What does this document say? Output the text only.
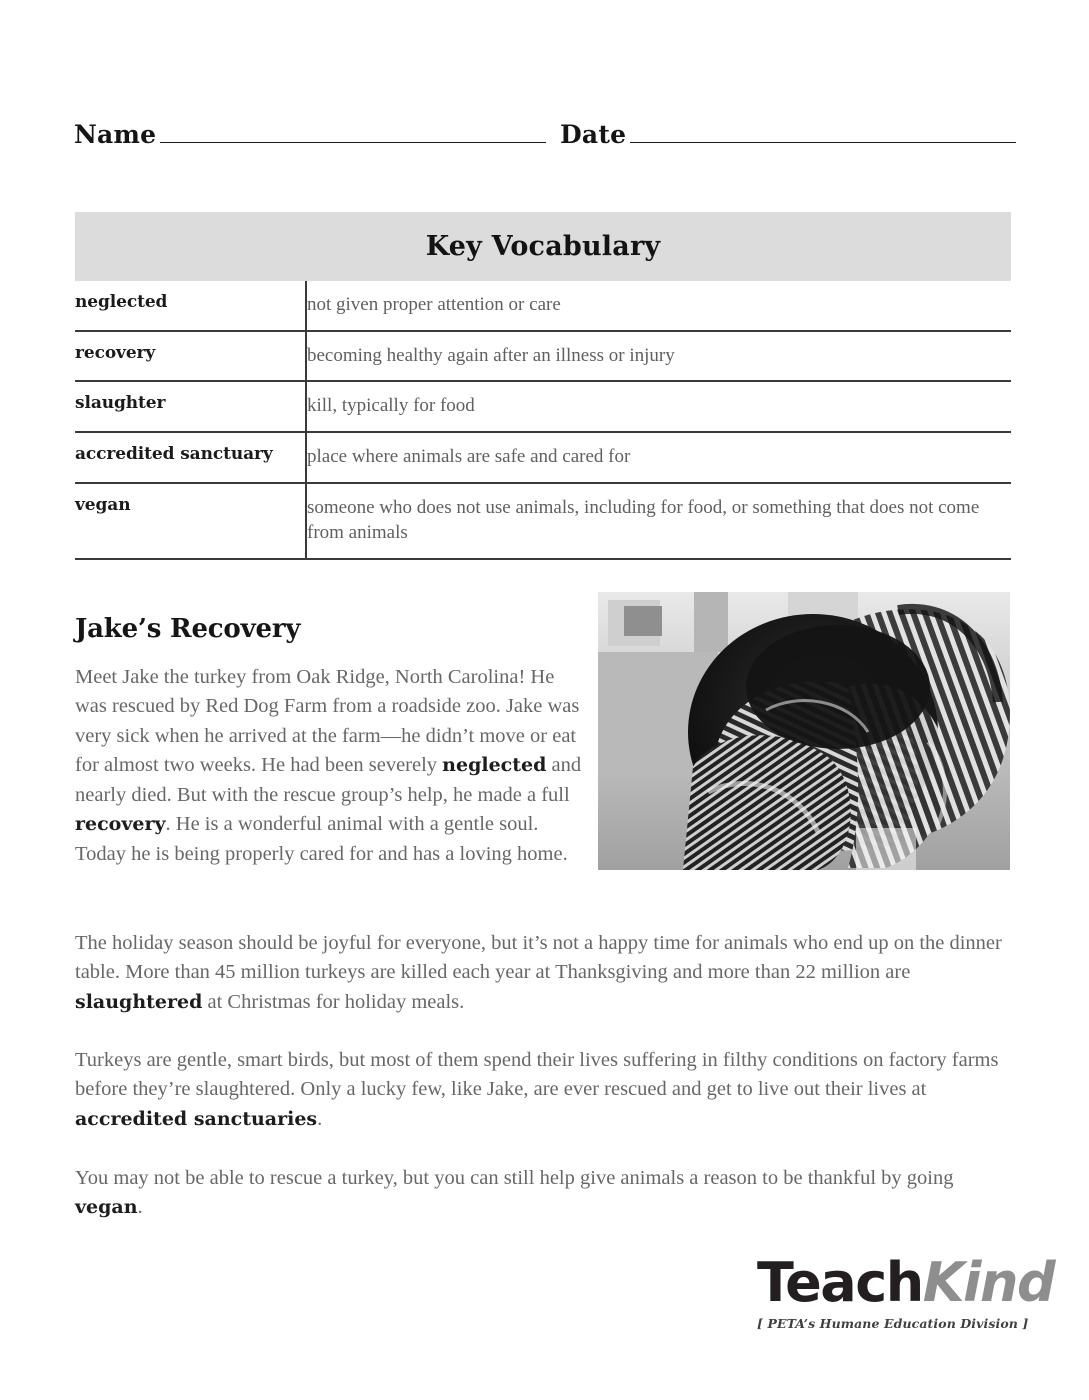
Name	Date
Key Vocabulary
neglected	not given proper attention or care
recovery	becoming healthy again after an illness or injury
slaughter	kill, typically for food
accredited sanctuary	place where animals are safe and cared for
vegan	someone who does not use animals, including for food, or something that does not come from animals
Jake’s Recovery

Meet Jake the turkey from Oak Ridge, North Carolina! He was rescued by Red Dog Farm from a roadside zoo. Jake was very sick when he arrived at the farm—he didn’t move or eat for almost two weeks. He had been severely neglected and nearly died. But with the rescue group’s help, he made a full recovery. He is a wonderful animal with a gentle soul. Today he is being properly cared for and has a loving home.

The holiday season should be joyful for everyone, but it’s not a happy time for animals who end up on the dinner table. More than 45 million turkeys are killed each year at Thanksgiving and more than 22 million are slaughtered at Christmas for holiday meals.

Turkeys are gentle, smart birds, but most of them spend their lives suffering in filthy conditions on factory farms before they’re slaughtered. Only a lucky few, like Jake, are ever rescued and get to live out their lives at accredited sanctuaries.

You may not be able to rescue a turkey, but you can still help give animals a reason to be thankful by going vegan.

TeachKind
[ PETA’s Humane Education Division ]
